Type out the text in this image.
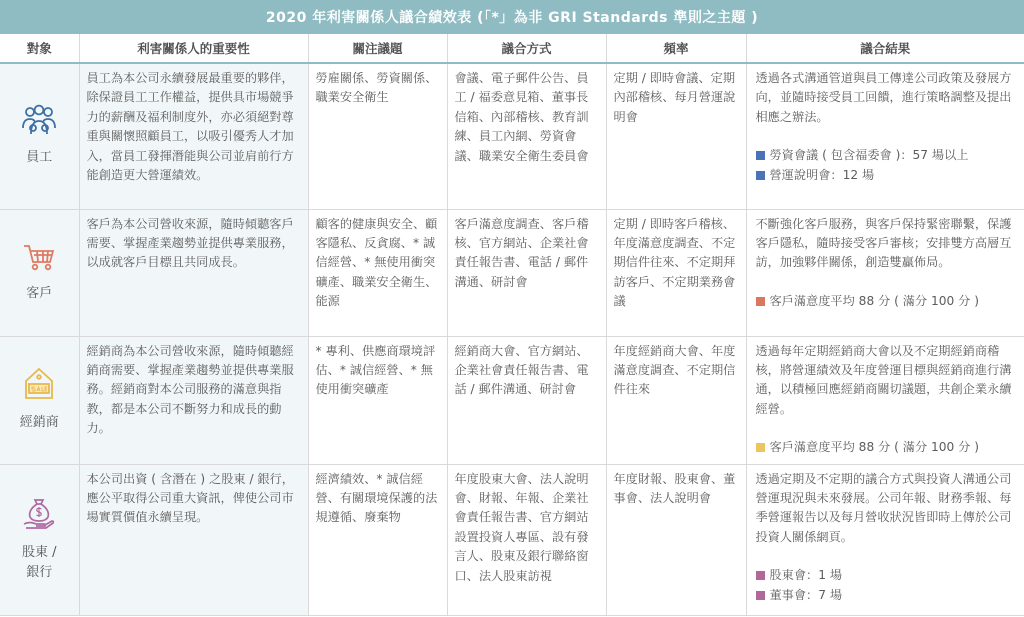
2020 年利害關係人議合績效表 (「*」為非 GRI Standards 準則之主題 )
對象	利害關係人的重要性	關注議題	議合方式	頻率	議合結果

員工	員工為本公司永續發展最重要的夥伴，除保證員工工作權益，提供具市場競爭力的薪酬及福利制度外，亦必須絕對尊重與關懷照顧員工，以吸引優秀人才加入，當員工發揮潛能與公司並肩前行方能創造更大營運績效。	勞雇關係、勞資關係、職業安全衛生	會議、電子郵件公告、員工 / 福委意見箱、董事長信箱、內部稽核、教育訓練、員工內網、勞資會議、職業安全衛生委員會	定期 / 即時會議、定期內部稽核、每月營運說明會	透過各式溝通管道與員工傳達公司政策及發展方向，並隨時接受員工回饋，進行策略調整及提出相應之辦法。
勞資會議 ( 包含福委會 )：57 場以上
營運說明會：12 場

客戶	客戶為本公司營收來源，隨時傾聽客戶需要、掌握產業趨勢並提供專業服務，以成就客戶目標且共同成長。	顧客的健康與安全、顧客隱私、反貪腐、* 誠信經營、* 無使用衝突礦產、職業安全衛生、能源	客戶滿意度調查、客戶稽核、官方網站、企業社會責任報告書、電話 / 郵件溝通、研討會	定期 / 即時客戶稽核、年度滿意度調查、不定期信件往來、不定期拜訪客戶、不定期業務會議	不斷強化客戶服務，與客戶保持緊密聯繫，保護客戶隱私，隨時接受客戶審核；安排雙方高層互訪，加強夥伴關係，創造雙贏佈局。
客戶滿意度平均 88 分 ( 滿分 100 分 )

經銷商	經銷商為本公司營收來源，隨時傾聽經銷商需要、掌握產業趨勢並提供專業服務。經銷商對本公司服務的滿意與指教，都是本公司不斷努力和成長的動力。	* 專利、供應商環境評估、* 誠信經營、* 無使用衝突礦產	經銷商大會、官方網站、企業社會責任報告書、電話 / 郵件溝通、研討會	年度經銷商大會、年度滿意度調查、不定期信件往來	透過每年定期經銷商大會以及不定期經銷商稽核，將營運績效及年度營運目標與經銷商進行溝通，以積極回應經銷商關切議題，共創企業永續經營。
客戶滿意度平均 88 分 ( 滿分 100 分 )

股東 / 銀行	本公司出資 ( 含潛在 ) 之股東 / 銀行，應公平取得公司重大資訊，俾使公司市場實質價值永續呈現。	經濟績效、* 誠信經營、有關環境保護的法規遵循、廢棄物	年度股東大會、法人說明會、財報、年報、企業社會責任報告書、官方網站設置投資人專區、設有發言人、股東及銀行聯絡窗口、法人股東訪視	年度財報、股東會、董事會、法人說明會	透過定期及不定期的議合方式與投資人溝通公司營運現況與未來發展。公司年報、財務季報、每季營運報告以及每月營收狀況皆即時上傳於公司投資人關係網頁。
股東會：1 場
董事會：7 場
